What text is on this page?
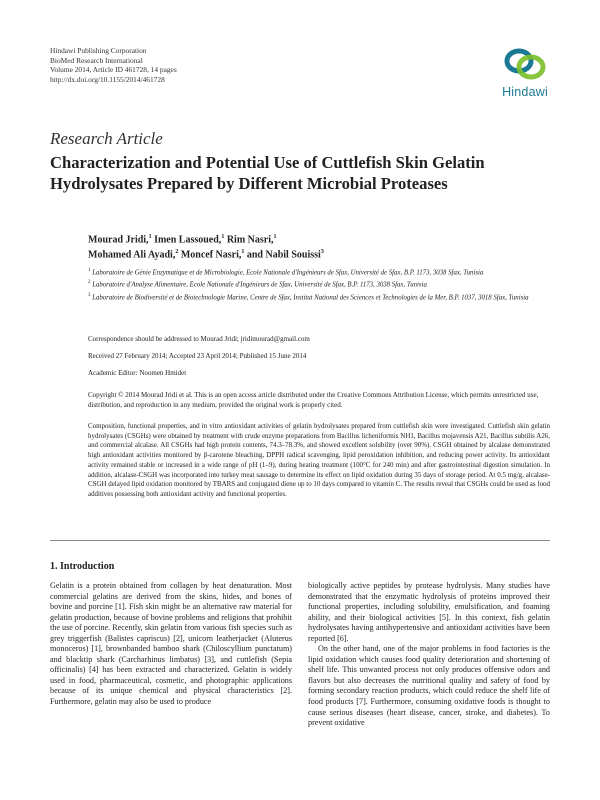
Hindawi Publishing Corporation
BioMed Research International
Volume 2014, Article ID 461728, 14 pages
http://dx.doi.org/10.1155/2014/461728
Hindawi
Research Article
Characterization and Potential Use of Cuttlefish Skin Gelatin Hydrolysates Prepared by Different Microbial Proteases
Mourad Jridi,$^1$ Imen Lassoued,$^1$ Rim Nasri,$^1$
Mohamed Ali Ayadi,$^2$ Moncef Nasri,$^1$ and Nabil Souissi$^3$
$^1$ Laboratoire de Génie Enzymatique et de Microbiologie, Ecole Nationale d'Ingénieurs de Sfax, Université de Sfax, B.P. 1173, 3038 Sfax, Tunisia
$^2$ Laboratoire d'Analyse Alimentaire, Ecole Nationale d'Ingénieurs de Sfax, Université de Sfax, B.P. 1173, 3038 Sfax, Tunisia
$^3$ Laboratoire de Biodiversité et de Biotechnologie Marine, Centre de Sfax, Institut National des Sciences et Technologies de la Mer, B.P. 1037, 3018 Sfax, Tunisia
Correspondence should be addressed to Mourad Jridi; jridimourad@gmail.com
Received 27 February 2014; Accepted 23 April 2014; Published 15 June 2014
Academic Editor: Noomen Hmidet
Copyright © 2014 Mourad Jridi et al. This is an open access article distributed under the Creative Commons Attribution License, which permits unrestricted use, distribution, and reproduction in any medium, provided the original work is properly cited.
Composition, functional properties, and in vitro antioxidant activities of gelatin hydrolysates prepared from cuttlefish skin were investigated. Cuttlefish skin gelatin hydrolysates (CSGHs) were obtained by treatment with crude enzyme preparations from Bacillus licheniformis NH1, Bacillus mojavensis A21, Bacillus subtilis A26, and commercial alcalase. All CSGHs had high protein contents, 74.3–78.3%, and showed excellent solubility (over 90%). CSGH obtained by alcalase demonstrated high antioxidant activities monitored by β-carotene bleaching, DPPH radical scavenging, lipid peroxidation inhibition, and reducing power activity. Its antioxidant activity remained stable or increased in a wide range of pH (1–9), during heating treatment (100°C for 240 min) and after gastrointestinal digestion simulation. In addition, alcalase-CSGH was incorporated into turkey meat sausage to determine its effect on lipid oxidation during 35 days of storage period. At 0.5 mg/g, alcalase-CSGH delayed lipid oxidation monitored by TBARS and conjugated diene up to 10 days compared to vitamin C. The results reveal that CSGHs could be used as food additives possessing both antioxidant activity and functional properties.
1. Introduction

Gelatin is a protein obtained from collagen by heat denaturation. Most commercial gelatins are derived from the skins, hides, and bones of bovine and porcine [1]. Fish skin might be an alternative raw material for gelatin production, because of bovine problems and religions that prohibit the use of porcine. Recently, skin gelatin from various fish species such as grey triggerfish (Balistes capriscus) [2], unicorn leatherjacket (Aluterus monoceros) [1], brownbanded bamboo shark (Chiloscyllium punctatum) and blacktip shark (Carcharhinus limbatus) [3], and cuttlefish (Sepia officinalis) [4] has been extracted and characterized. Gelatin is widely used in food, pharmaceutical, cosmetic, and photographic applications because of its unique chemical and physical characteristics [2]. Furthermore, gelatin may also be used to produce

biologically active peptides by protease hydrolysis. Many studies have demonstrated that the enzymatic hydrolysis of proteins improved their functional properties, including solubility, emulsification, and foaming ability, and their biological activities [5]. In this context, fish gelatin hydrolysates having antihypertensive and antioxidant activities have been reported [6].

On the other hand, one of the major problems in food factories is the lipid oxidation which causes food quality deterioration and shortening of shelf life. This unwanted process not only produces offensive odors and flavors but also decreases the nutritional quality and safety of food by forming secondary reaction products, which could reduce the shelf life of food products [7]. Furthermore, consuming oxidative foods is thought to cause serious diseases (heart disease, cancer, stroke, and diabetes). To prevent oxidative
